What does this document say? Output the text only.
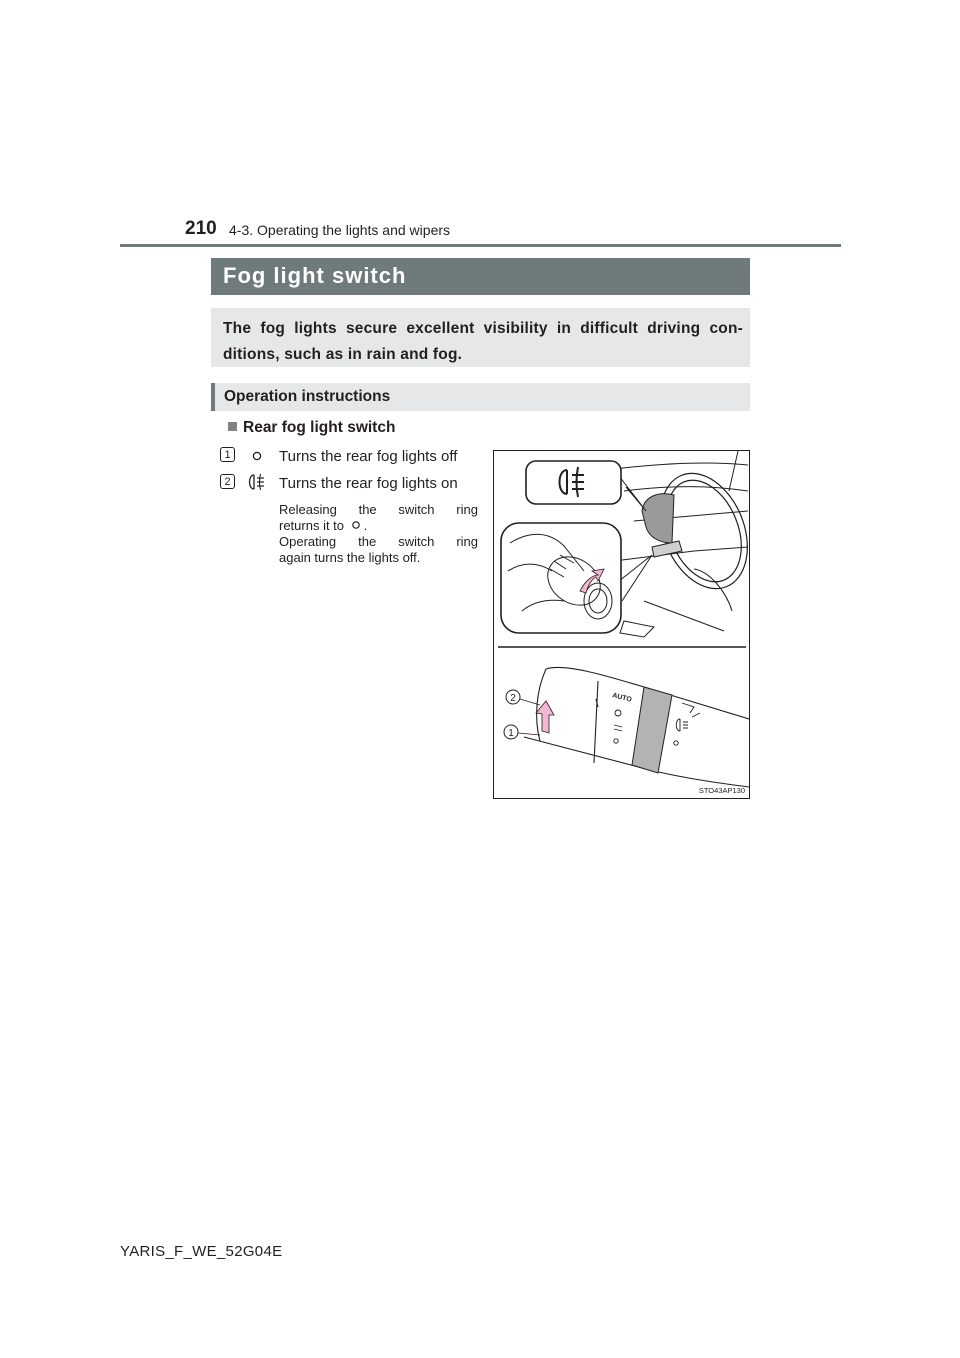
210 4-3. Operating the lights and wipers
Fog light switch
The fog lights secure excellent visibility in difficult driving con-ditions, such as in rain and fog.
Operation instructions
Rear fog light switch
1	Turns the rear fog lights off
2	Turns the rear fog lights on
Releasing the switch ring
returns it to .
Operating the switch ring
again turns the lights off.
AUTO
2
1
STO43AP130
YARIS_F_WE_52G04E
